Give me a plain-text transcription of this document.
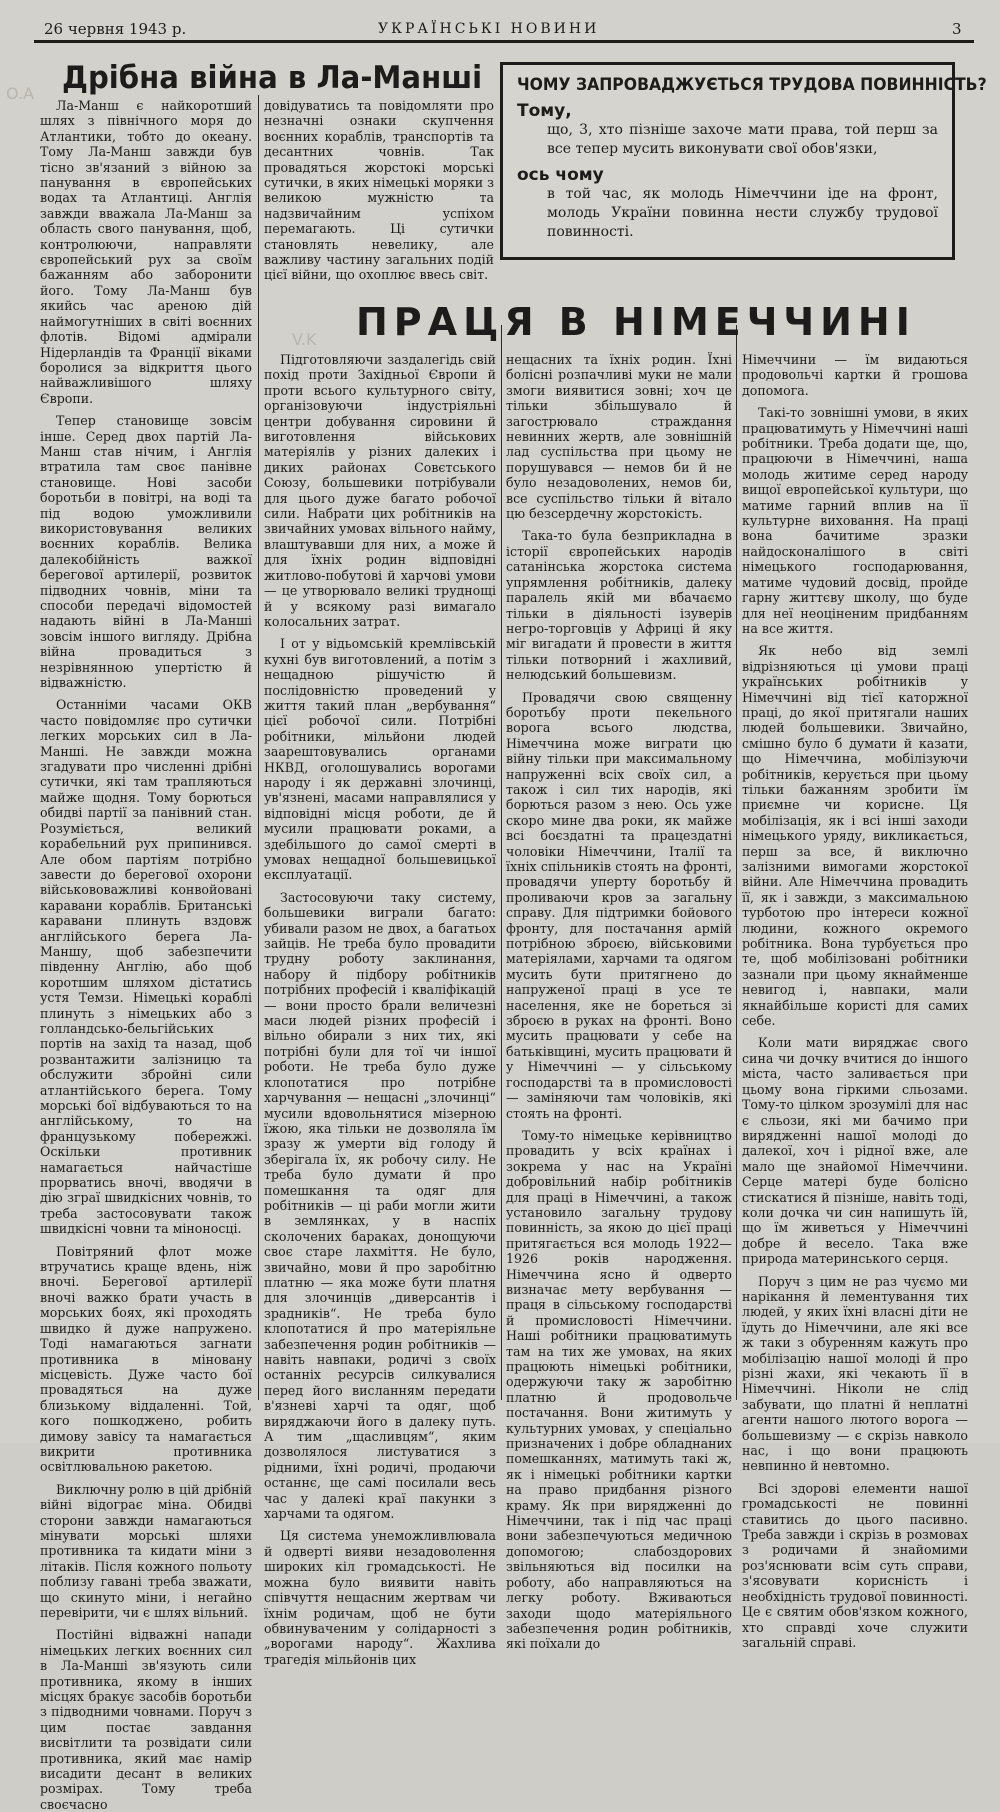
26 червня 1943 р.	УКРАЇНСЬКІ НОВИНИ	3
O.A
V.K
Дрібна війна в Ла-Манші

Ла-Манш є найкоротший шлях з північного моря до Атлантики, тобто до океану. Тому Ла-Манш завжди був тісно зв'язаний з війною за панування в європейських водах та Атлантиці. Англія завжди вважала Ла-Манш за область свого панування, щоб, контролюючи, направляти європейський рух за своїм бажанням або заборонити його. Тому Ла-Манш був якийсь час ареною дій наймогутніших в світі воєнних флотів. Відомі адмірали Нідерландів та Франції віками боролися за відкриття цього найважливішого шляху Європи.

Тепер становище зовсім інше. Серед двох партій Ла-Манш став нічим, і Англія втратила там своє панівне становище. Нові засоби боротьби в повітрі, на воді та під водою уможливили використовування великих воєнних кораблів. Велика далекобійність важкої берегової артилерії, розвиток підводних човнів, міни та способи передачі відомостей надають війні в Ла-Манші зовсім іншого вигляду. Дрібна війна провадиться з незрівнянною упертістю й відважністю.

Останніми часами ОКВ часто повідомляє про сутички легких морських сил в Ла-Манші. Не завжди можна згадувати про численні дрібні сутички, які там трапляються майже щодня. Тому борються обидві партії за панівний стан. Розуміється, великий корабельний рух припинився. Але обом партіям потрібно завести до берегової охорони військововажливі конвойовані каравани кораблів. Британські каравани плинуть вздовж англійського берега Ла-Маншу, щоб забезпечити південну Англію, або щоб коротшим шляхом дістатись устя Темзи. Німецькі кораблі плинуть з німецьких або з голландсько-бельгійських портів на захід та назад, щоб розвантажити залізницю та обслужити збройні сили атлантійського берега. Тому морські бої відбуваються то на англійському, то на французькому побережжі. Оскільки противник намагається найчастіше прорватись вночі, вводячи в дію зграї швидкісних човнів, то треба застосовувати також швидкісні човни та міноносці.

Повітряний флот може втручатись краще вдень, ніж вночі. Берегової артилерії вночі важко брати участь в морських боях, які проходять швидко й дуже напружено. Тоді намагаються загнати противника в міновану місцевість. Дуже часто бої провадяться на дуже близькому віддаленні. Той, кого пошкоджено, робить димову завісу та намагається викрити противника освітлювальною ракетою.

Виключну ролю в цій дрібній війні відограє міна. Обидві сторони завжди намагаються мінувати морські шляхи противника та кидати міни з літаків. Після кожного польоту поблизу гавані треба зважати, що скинуто міни, і негайно перевірити, чи є шлях вільний.

Постійні відважні напади німецьких легких воєнних сил в Ла-Манші зв'язують сили противника, якому в інших місцях бракує засобів боротьби з підводними човнами. Поруч з цим постає завдання висвітлити та розвідати сили противника, який має намір висадити десант в великих розмірах. Тому треба своєчасно

довідуватись та повідомляти про незначні ознаки скупчення воєнних кораблів, транспортів та десантних човнів. Так провадяться жорстокі морські сутички, в яких німецькі моряки з великою мужністю та надзвичайним успіхом перемагають. Ці сутички становлять невелику, але важливу частину загальних подій цієї війни, що охоплює ввесь світ.

ЧОМУ ЗАПРОВАДЖУЄТЬСЯ ТРУДОВА ПОВИННІСТЬ?
Тому,
що, 3, хто пізніше захоче мати права, той перш за все тепер мусить виконувати свої обов'язки,
ось чому
в той час, як молодь Німеччини іде на фронт, молодь України повинна нести службу трудової повинності.
ПРАЦЯ В НІМЕЧЧИНІ

Підготовляючи заздалегідь свій похід проти Західньої Європи й проти всього культурного світу, організовуючи індустріяльні центри добування сировини й виготовлення військових матеріялів у різних далеких і диких районах Совєтського Союзу, большевики потрібували для цього дуже багато робочої сили. Набрати цих робітників на звичайних умовах вільного найму, влаштувавши для них, а може й для їхніх родин відповідні житлово-побутові й харчові умови — це утворювало великі труднощі й у всякому разі вимагало колосальних затрат.

І от у відьомській кремлівській кухні був виготовлений, а потім з нещадною рішучістю й послідовністю проведений у життя такий план „вербування“ цієї робочої сили. Потрібні робітники, мільйони людей заарештовувались органами НКВД, оголошувались ворогами народу і як державні злочинці, ув'язнені, масами направлялися у відповідні місця роботи, де й мусили працювати роками, а здебільшого до самої смерті в умовах нещадної большевицької експлуатації.

Застосовуючи таку систему, большевики виграли багато: убивали разом не двох, а багатьох зайців. Не треба було провадити трудну роботу заклинання, набору й підбору робітників потрібних професій і кваліфікацій — вони просто брали величезні маси людей різних професій і вільно обирали з них тих, які потрібні були для тої чи іншої роботи. Не треба було дуже клопотатися про потрібне харчування — нещасні „злочинці“ мусили вдовольнятися мізерною їжою, яка тільки не дозволяла їм зразу ж умерти від голоду й зберігала їх, як робочу силу. Не треба було думати й про помешкання та одяг для робітників — ці раби могли жити в землянках, у в наспіх сколочених бараках, донощуючи своє старе лахміття. Не було, звичайно, мови й про заробітню платню — яка може бути платня для злочинців „диверсантів і зрадників“. Не треба було клопотатися й про матеріяльне забезпечення родин робітників — навіть навпаки, родичі з своїх останніх ресурсів силкувалися перед його висланням передати в'язневі харчі та одяг, щоб виряджаючи його в далеку путь. А тим „щасливцям“, яким дозволялося листуватися з рідними, їхні родичі, продаючи останнє, ще самі посилали весь час у далекі краї пакунки з харчами та одягом.

Ця система унеможливлювала й одверті вияви незадоволення широких кіл громадськості. Не можна було виявити навіть співчуття нещасним жертвам чи їхнім родичам, щоб не бути обвинуваченим у солідарності з „ворогами народу“. Жахлива трагедія мільйонів цих

нещасних та їхніх родин. Їхні болісні розпачливі муки не мали змоги виявитися зовні; хоч це тільки збільшувало й загострювало страждання невинних жертв, але зовнішній лад суспільства при цьому не порушувався — немов би й не було незадоволених, немов би, все суспільство тільки й вітало цю безсердечну жорстокість.

Така-то була безприкладна в історії європейських народів сатанінська жорстока система упрямлення робітників, далеку паралель якій ми вбачаємо тільки в діяльності ізуверів негро-торговців у Африці й яку міг вигадати й провести в життя тільки потворний і жахливий, нелюдський большевизм.

Провадячи свою священну боротьбу проти пекельного ворога всього людства, Німеччина може виграти цю війну тільки при максимальному напруженні всіх своїх сил, а також і сил тих народів, які борються разом з нею. Ось уже скоро мине два роки, як майже всі боєздатні та працездатні чоловіки Німеччини, Італії та їхніх спільників стоять на фронті, провадячи уперту боротьбу й проливаючи кров за загальну справу. Для підтримки бойового фронту, для постачання армій потрібною зброєю, військовими матеріялами, харчами та одягом мусить бути притягнено до напруженої праці в усе те населення, яке не бореться зі зброєю в руках на фронті. Воно мусить працювати у себе на батьківщині, мусить працювати й у Німеччині — у сільському господарстві та в промисловості — заміняючи там чоловіків, які стоять на фронті.

Тому-то німецьке керівництво провадить у всіх країнах і зокрема у нас на Україні добровільний набір робітників для праці в Німеччині, а також установило загальну трудову повинність, за якою до цієї праці притягається вся молодь 1922—1926 років народження. Німеччина ясно й одверто визначає мету вербування — праця в сільському господарстві й промисловості Німеччини. Наші робітники працюватимуть там на тих же умовах, на яких працюють німецькі робітники, одержуючи таку ж заробітню платню й продовольче постачання. Вони житимуть у культурних умовах, у спеціально призначених і добре обладнаних помешканнях, матимуть такі ж, як і німецькі робітники картки на право придбання різного краму. Як при вирядженні до Німеччини, так і під час праці вони забезпечуються медичною допомогою; слабоздорових звільняються від посилки на роботу, або направляються на легку роботу. Вживаються заходи щодо матеріяльного забезпечення родин робітників, які поїхали до

Німеччини — їм видаються продовольчі картки й грошова допомога.

Такі-то зовнішні умови, в яких працюватимуть у Німеччині наші робітники. Треба додати ще, що, працюючи в Німеччині, наша молодь житиме серед народу вищої европейської культури, що матиме гарний вплив на її культурне виховання. На праці вона бачитиме зразки найдосконалішого в світі німецького господарювання, матиме чудовий досвід, пройде гарну життєву школу, що буде для неї неоціненим придбанням на все життя.

Як небо від землі відрізняються ці умови праці українських робітників у Німеччині від тієї каторжної праці, до якої притягали наших людей большевики. Звичайно, смішно було б думати й казати, що Німеччина, мобілізуючи робітників, керується при цьому тільки бажанням зробити їм приємне чи корисне. Ця мобілізація, як і всі інші заходи німецького уряду, викликається, перш за все, й виключно залізними вимогами жорстокої війни. Але Німеччина провадить її, як і завжди, з максимальною турботою про інтереси кожної людини, кожного окремого робітника. Вона турбується про те, щоб мобілізовані робітники зазнали при цьому якнайменше невигод і, навпаки, мали якнайбільше користі для самих себе.

Коли мати виряджає свого сина чи дочку вчитися до іншого міста, часто заливається при цьому вона гіркими сльозами. Тому-то цілком зрозумілі для нас є сльози, які ми бачимо при вирядженні нашої молоді до далекої, хоч і рідної вже, але мало ще знайомої Німеччини. Серце матері буде болісно стискатися й пізніше, навіть тоді, коли дочка чи син напишуть їй, що їм живеться у Німеччині добре й весело. Така вже природа материнського серця.

Поруч з цим не раз чуємо ми нарікання й лементування тих людей, у яких їхні власні діти не їдуть до Німеччини, але які все ж таки з обуренням кажуть про мобілізацію нашої молоді й про різні жахи, які чекають її в Німеччині. Ніколи не слід забувати, що платні й неплатні агенти нашого лютого ворога — большевизму — є скрізь навколо нас, і що вони працюють невпинно й невтомно.

Всі здорові елементи нашої громадськості не повинні ставитись до цього пасивно. Треба завжди і скрізь в розмовах з родичами й знайомими роз'яснювати всім суть справи, з'ясовувати корисність і необхідність трудової повинності. Це є святим обов'язком кожного, хто справді хоче служити загальній справі.
